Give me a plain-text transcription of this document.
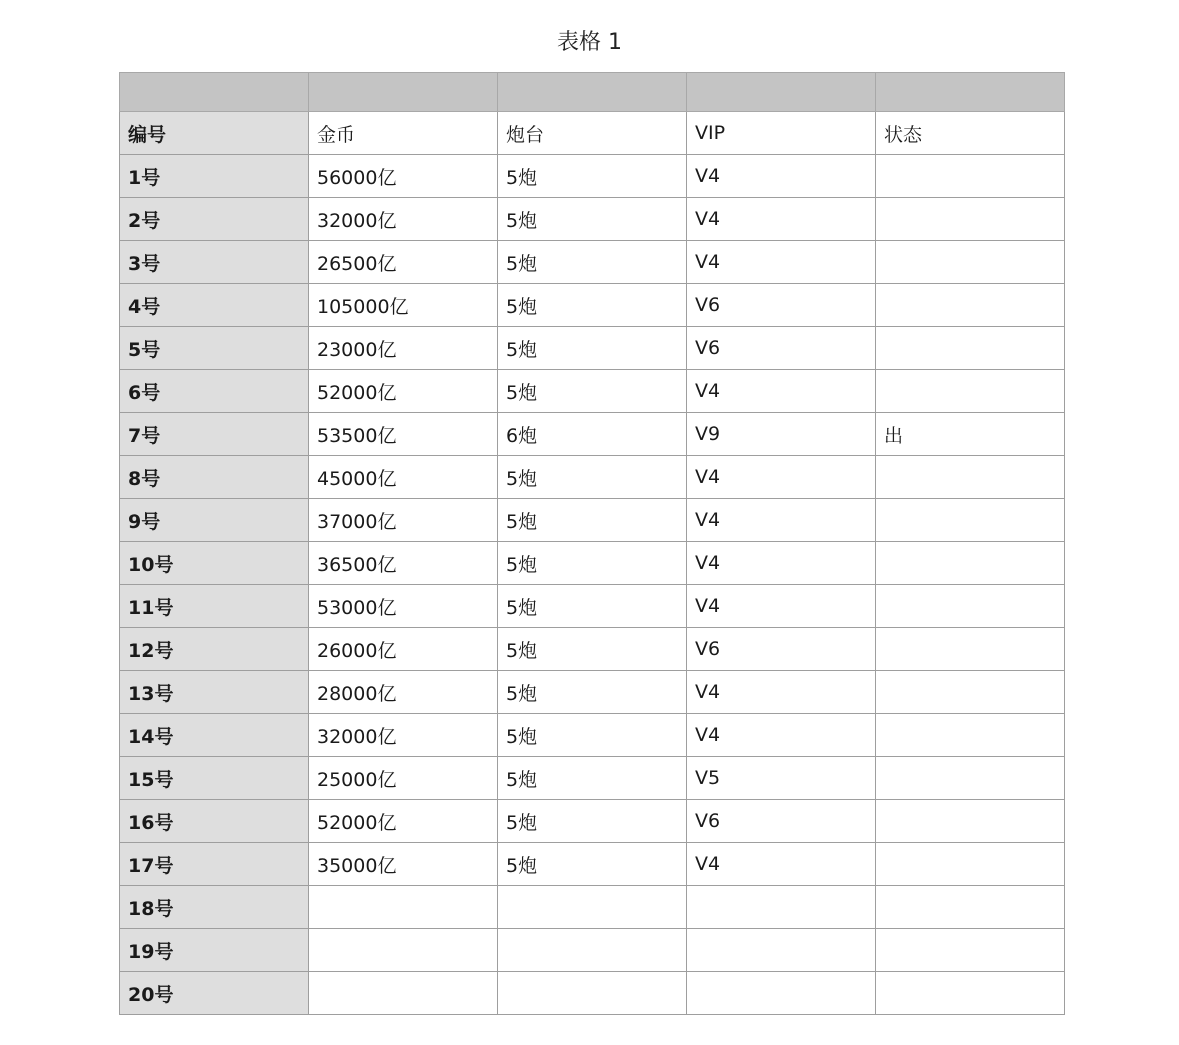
表格 1

编号	金币	炮台	VIP	状态
1号	56000亿	5炮	V4	
2号	32000亿	5炮	V4	
3号	26500亿	5炮	V4	
4号	105000亿	5炮	V6	
5号	23000亿	5炮	V6	
6号	52000亿	5炮	V4	
7号	53500亿	6炮	V9	出
8号	45000亿	5炮	V4	
9号	37000亿	5炮	V4	
10号	36500亿	5炮	V4	
11号	53000亿	5炮	V4	
12号	26000亿	5炮	V6	
13号	28000亿	5炮	V4	
14号	32000亿	5炮	V4	
15号	25000亿	5炮	V5	
16号	52000亿	5炮	V6	
17号	35000亿	5炮	V4	
18号				
19号				
20号				
